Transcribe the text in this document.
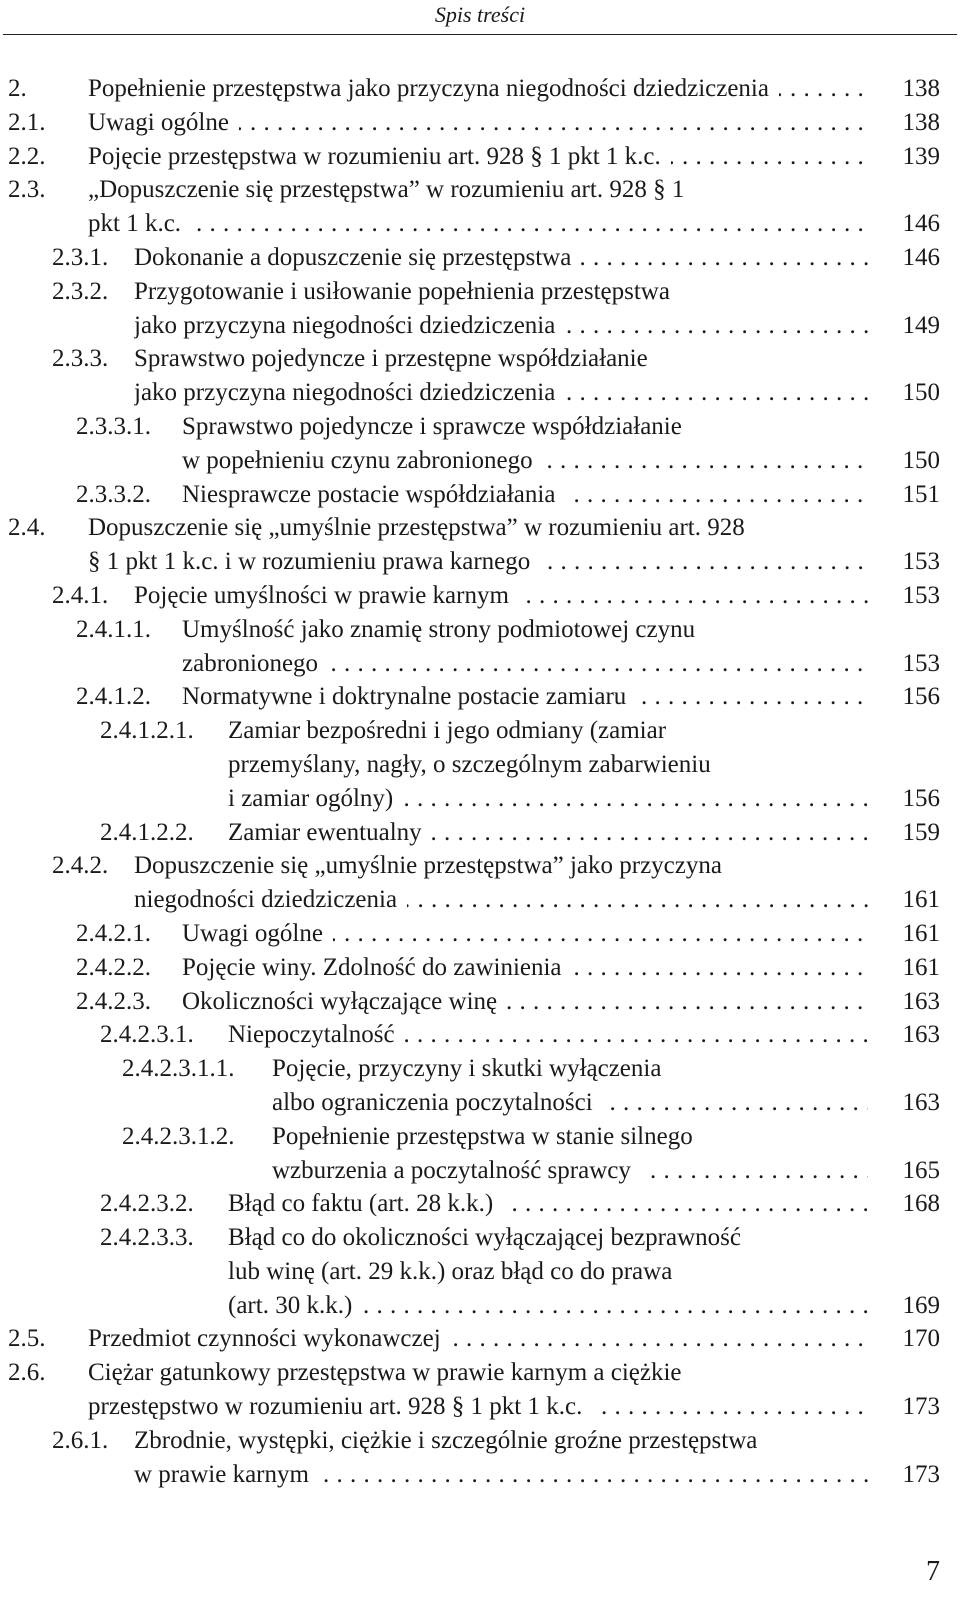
Spis treści
2. Popełnienie przestępstwa jako przyczyna niegodności dziedziczenia . . .	138
2.1. Uwagi ogólne . . .	138
2.2. Pojęcie przestępstwa w rozumieniu art. 928 § 1 pkt 1 k.c. . . .	139
2.3. „Dopuszczenie się przestępstwa” w rozumieniu art. 928 § 1
pkt 1 k.c. . . .	146
2.3.1. Dokonanie a dopuszczenie się przestępstwa . . .	146
2.3.2. Przygotowanie i usiłowanie popełnienia przestępstwa
jako przyczyna niegodności dziedziczenia . . .	149
2.3.3. Sprawstwo pojedyncze i przestępne współdziałanie
jako przyczyna niegodności dziedziczenia . . .	150
2.3.3.1. Sprawstwo pojedyncze i sprawcze współdziałanie
w popełnieniu czynu zabronionego . . .	150
2.3.3.2. Niesprawcze postacie współdziałania . . .	151
2.4. Dopuszczenie się „umyślnie przestępstwa” w rozumieniu art. 928
§ 1 pkt 1 k.c. i w rozumieniu prawa karnego . . .	153
2.4.1. Pojęcie umyślności w prawie karnym . . .	153
2.4.1.1. Umyślność jako znamię strony podmiotowej czynu
zabronionego . . .	153
2.4.1.2. Normatywne i doktrynalne postacie zamiaru . . .	156
2.4.1.2.1. Zamiar bezpośredni i jego odmiany (zamiar
przemyślany, nagły, o szczególnym zabarwieniu
i zamiar ogólny) . . .	156
2.4.1.2.2. Zamiar ewentualny . . .	159
2.4.2. Dopuszczenie się „umyślnie przestępstwa” jako przyczyna
niegodności dziedziczenia . . .	161
2.4.2.1. Uwagi ogólne . . .	161
2.4.2.2. Pojęcie winy. Zdolność do zawinienia . . .	161
2.4.2.3. Okoliczności wyłączające winę . . .	163
2.4.2.3.1. Niepoczytalność . . .	163
2.4.2.3.1.1. Pojęcie, przyczyny i skutki wyłączenia
albo ograniczenia poczytalności . . .	163
2.4.2.3.1.2. Popełnienie przestępstwa w stanie silnego
wzburzenia a poczytalność sprawcy . . .	165
2.4.2.3.2. Błąd co faktu (art. 28 k.k.) . . .	168
2.4.2.3.3. Błąd co do okoliczności wyłączającej bezprawność
lub winę (art. 29 k.k.) oraz błąd co do prawa
(art. 30 k.k.) . . .	169
2.5. Przedmiot czynności wykonawczej . . .	170
2.6. Ciężar gatunkowy przestępstwa w prawie karnym a ciężkie
przestępstwo w rozumieniu art. 928 § 1 pkt 1 k.c. . . .	173
2.6.1. Zbrodnie, występki, ciężkie i szczególnie groźne przestępstwa
w prawie karnym . . .	173
7
